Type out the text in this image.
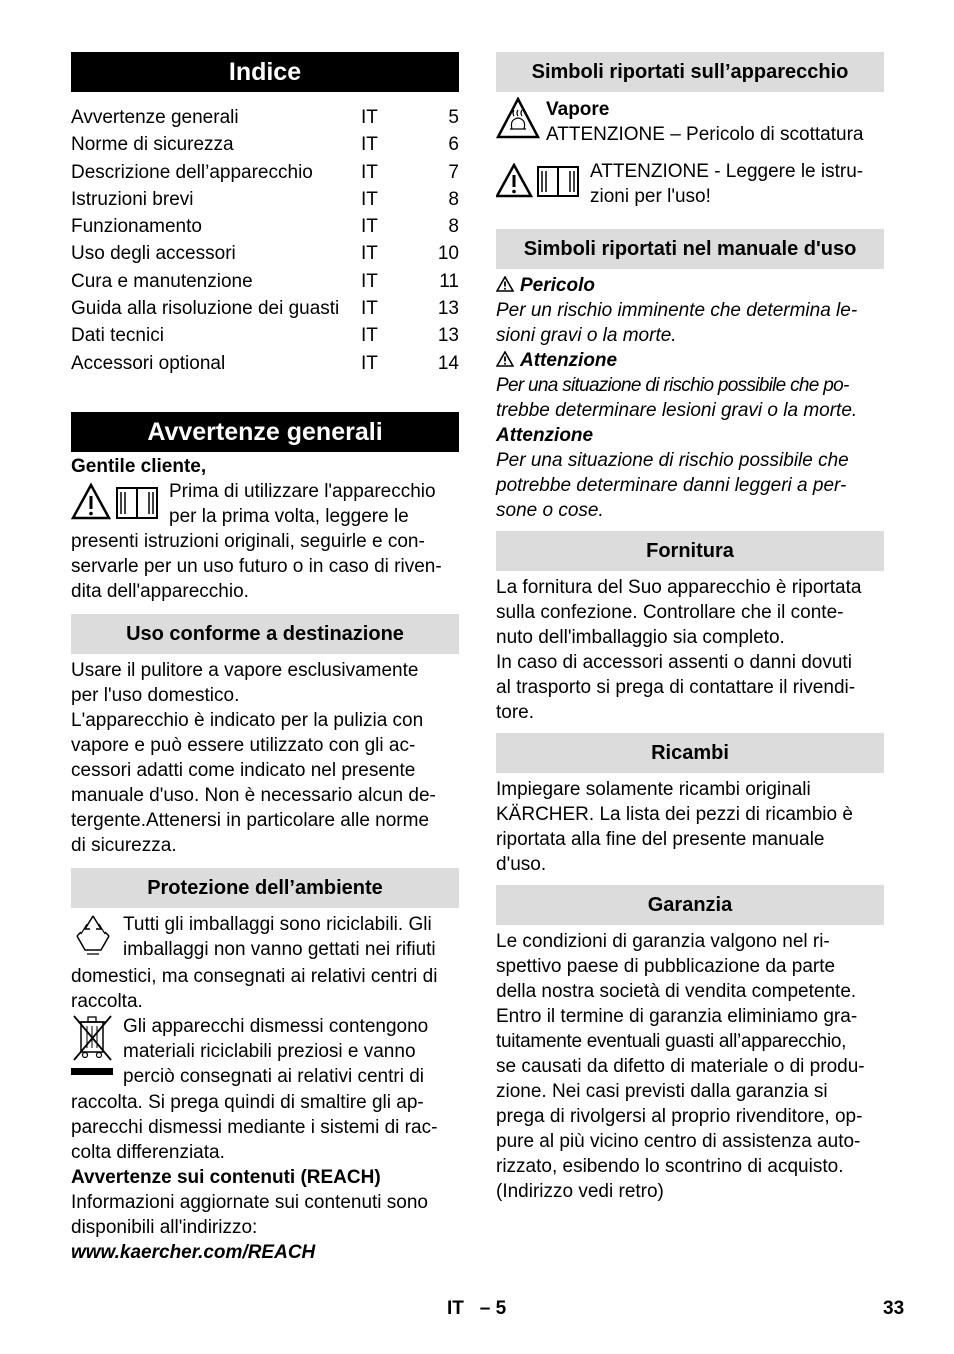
Indice
Avvertenze generali	IT	5
Norme di sicurezza	IT	6
Descrizione dell’apparecchio	IT	7
Istruzioni brevi	IT	8
Funzionamento	IT	8
Uso degli accessori	IT	10
Cura e manutenzione	IT	11
Guida alla risoluzione dei guasti	IT	13
Dati tecnici	IT	13
Accessori optional	IT	14
Avvertenze generali

Gentile cliente,

Prima di utilizzare l'apparecchio

per la prima volta, leggere le

presenti istruzioni originali, seguirle e con-

servarle per un uso futuro o in caso di riven-

dita dell'apparecchio.

Uso conforme a destinazione

Usare il pulitore a vapore esclusivamente

per l'uso domestico.

L'apparecchio è indicato per la pulizia con

vapore e può essere utilizzato con gli ac-

cessori adatti come indicato nel presente

manuale d'uso. Non è necessario alcun de-

tergente.Attenersi in particolare alle norme

di sicurezza.

Protezione dell’ambiente

Tutti gli imballaggi sono riciclabili. Gli

imballaggi non vanno gettati nei rifiuti

domestici, ma consegnati ai relativi centri di

raccolta.

Gli apparecchi dismessi contengono

materiali riciclabili preziosi e vanno

perciò consegnati ai relativi centri di

raccolta. Si prega quindi di smaltire gli ap-

parecchi dismessi mediante i sistemi di rac-

colta differenziata.

Avvertenze sui contenuti (REACH)

Informazioni aggiornate sui contenuti sono

disponibili all'indirizzo:

www.kaercher.com/REACH

Simboli riportati sull’apparecchio

Vapore

ATTENZIONE – Pericolo di scottatura

ATTENZIONE - Leggere le istru-

zioni per l'uso!

Simboli riportati nel manuale d'uso

Pericolo

Per un rischio imminente che determina le-

sioni gravi o la morte.

Attenzione

Per una situazione di rischio possibile che po-

trebbe determinare lesioni gravi o la morte.

Attenzione

Per una situazione di rischio possibile che

potrebbe determinare danni leggeri a per-

sone o cose.

Fornitura

La fornitura del Suo apparecchio è riportata

sulla confezione. Controllare che il conte-

nuto dell'imballaggio sia completo.

In caso di accessori assenti o danni dovuti

al trasporto si prega di contattare il rivendi-

tore.

Ricambi

Impiegare solamente ricambi originali

KÄRCHER. La lista dei pezzi di ricambio è

riportata alla fine del presente manuale

d'uso.

Garanzia

Le condizioni di garanzia valgono nel ri-

spettivo paese di pubblicazione da parte

della nostra società di vendita competente.

Entro il termine di garanzia eliminiamo gra-

tuitamente eventuali guasti all’apparecchio,

se causati da difetto di materiale o di produ-

zione. Nei casi previsti dalla garanzia si

prega di rivolgersi al proprio rivenditore, op-

pure al più vicino centro di assistenza auto-

rizzato, esibendo lo scontrino di acquisto.

(Indirizzo vedi retro)

IT   – 5	33
